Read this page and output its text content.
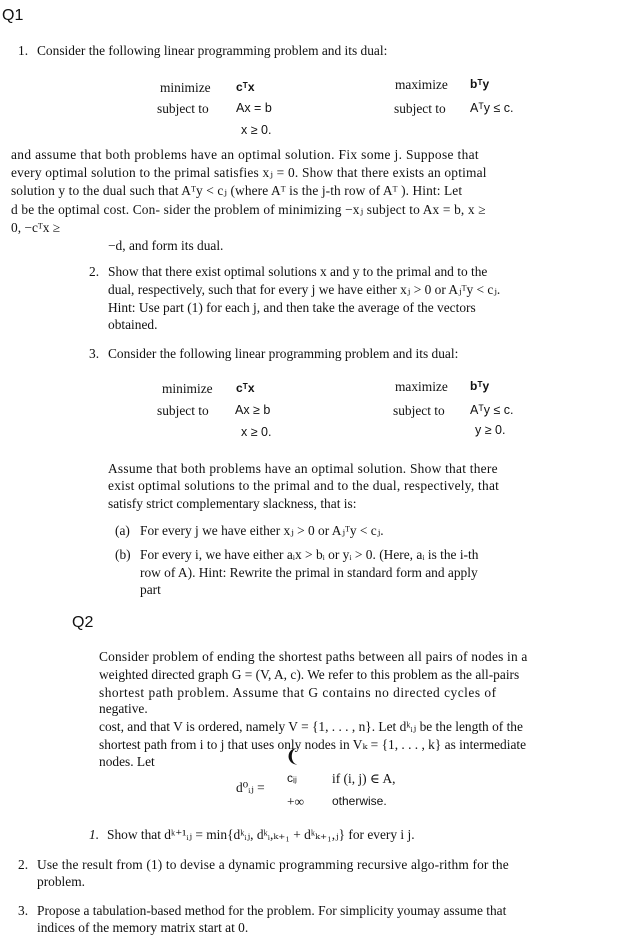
Q1
1. Consider the following linear programming problem and its dual:
minimize cᵀx
subject to Ax = b
x ≥ 0.
maximize bᵀy
subject to Aᵀy ≤ c.
and assume that both problems have an optimal solution. Fix some j. Suppose that
every optimal solution to the primal satisfies xⱼ = 0. Show that there exists an optimal
solution y to the dual such that Aᵀy < cⱼ (where Aᵀ is the j-th row of Aᵀ ). Hint: Let
d be the optimal cost. Con- sider the problem of minimizing −xⱼ subject to Ax = b, x ≥
0, −cᵀx ≥
−d, and form its dual.
2. Show that there exist optimal solutions x and y to the primal and to the
dual, respectively, such that for every j we have either xⱼ > 0 or Aⱼᵀy < cⱼ.
Hint: Use part (1) for each j, and then take the average of the vectors
obtained.
3. Consider the following linear programming problem and its dual:
minimize cᵀx
subject to Ax ≥ b
x ≥ 0.
maximize bᵀy
subject to Aᵀy ≤ c.
y ≥ 0.
Assume that both problems have an optimal solution. Show that there
exist optimal solutions to the primal and to the dual, respectively, that
satisfy strict complementary slackness, that is:
(a) For every j we have either xⱼ > 0 or Aⱼᵀy < cⱼ.
(b) For every i, we have either aᵢx > bᵢ or yᵢ > 0. (Here, aᵢ is the i-th
row of A). Hint: Rewrite the primal in standard form and apply
part
Q2
Consider problem of ending the shortest paths between all pairs of nodes in a
weighted directed graph G = (V, A, c). We refer to this problem as the all-pairs
shortest path problem. Assume that G contains no directed cycles of
negative.
cost, and that V is ordered, namely V = {1, . . . , n}. Let dᵏᵢⱼ be the length of the
shortest path from i to j that uses only nodes in Vₖ = {1, . . . , k} as intermediate
nodes. Let	❨
d⁰ᵢⱼ =
cᵢⱼ	if (i, j) ∈ A,
+∞ otherwise.
1. Show that dᵏ⁺¹ᵢⱼ = min{dᵏᵢⱼ, dᵏᵢ,ₖ₊₁ + dᵏₖ₊₁,ⱼ} for every i j.
2. Use the result from (1) to devise a dynamic programming recursive algo-rithm for the
problem.
3. Propose a tabulation-based method for the problem. For simplicity youmay assume that
indices of the memory matrix start at 0.
